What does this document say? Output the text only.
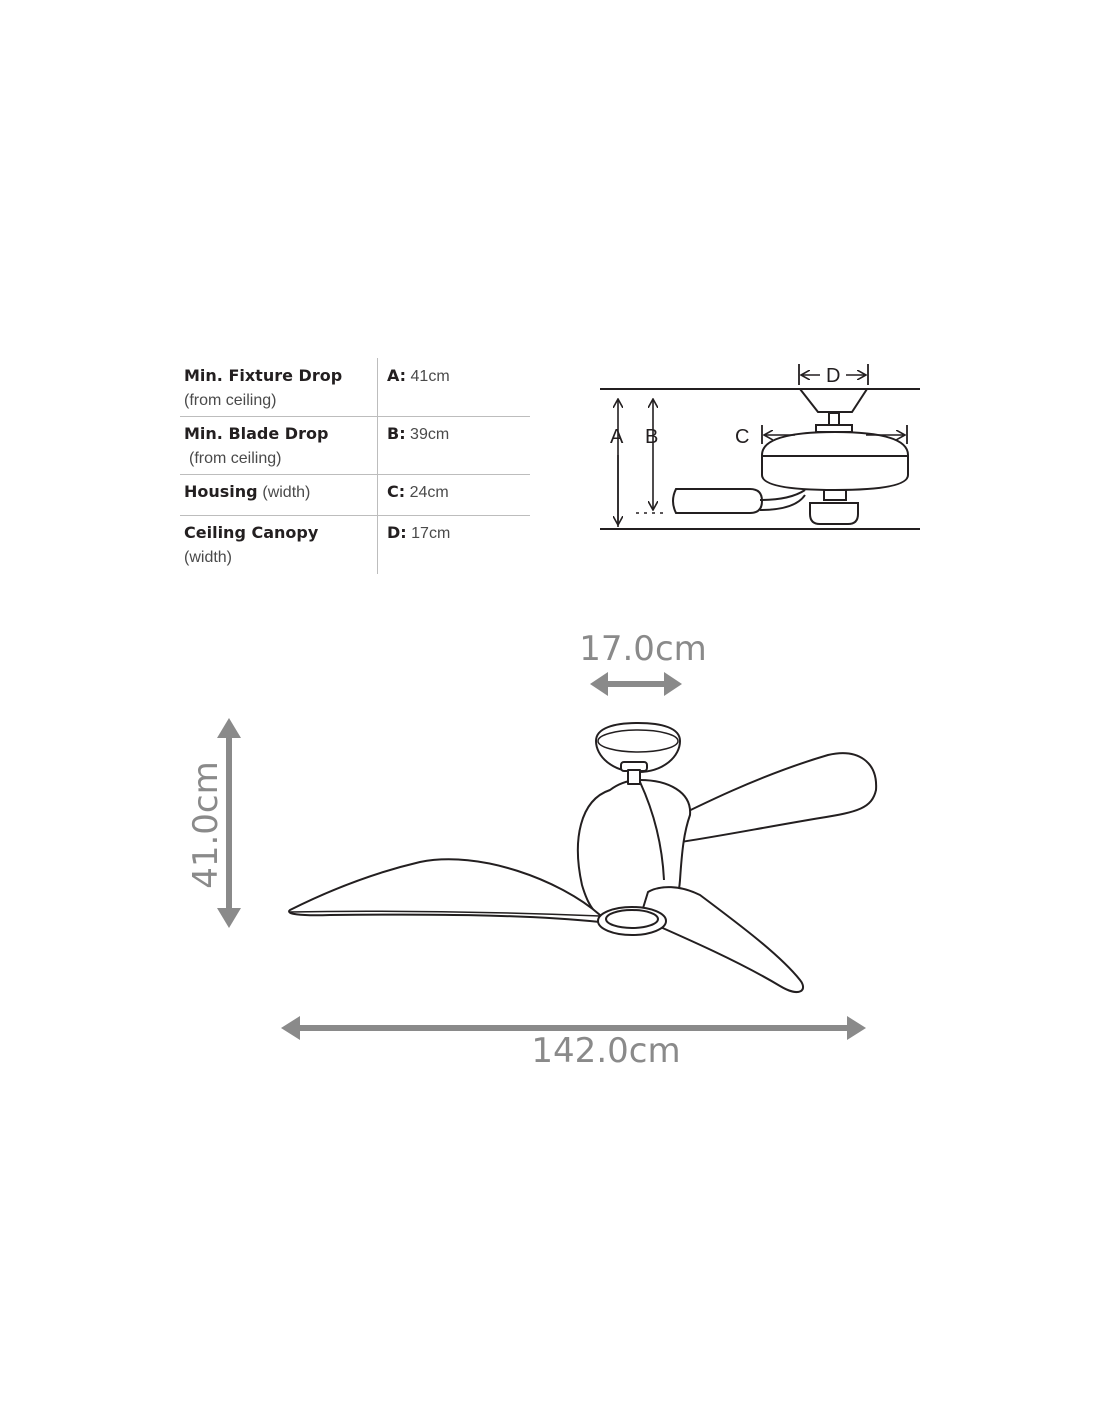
Min. Fixture Drop
(from ceiling)
A: 41cm
Min. Blade Drop
(from ceiling)
B: 39cm
Housing (width)	C: 24cm
Ceiling Canopy
(width)
D: 17cm
A B	C
D
17.0cm
41.0cm
142.0cm
